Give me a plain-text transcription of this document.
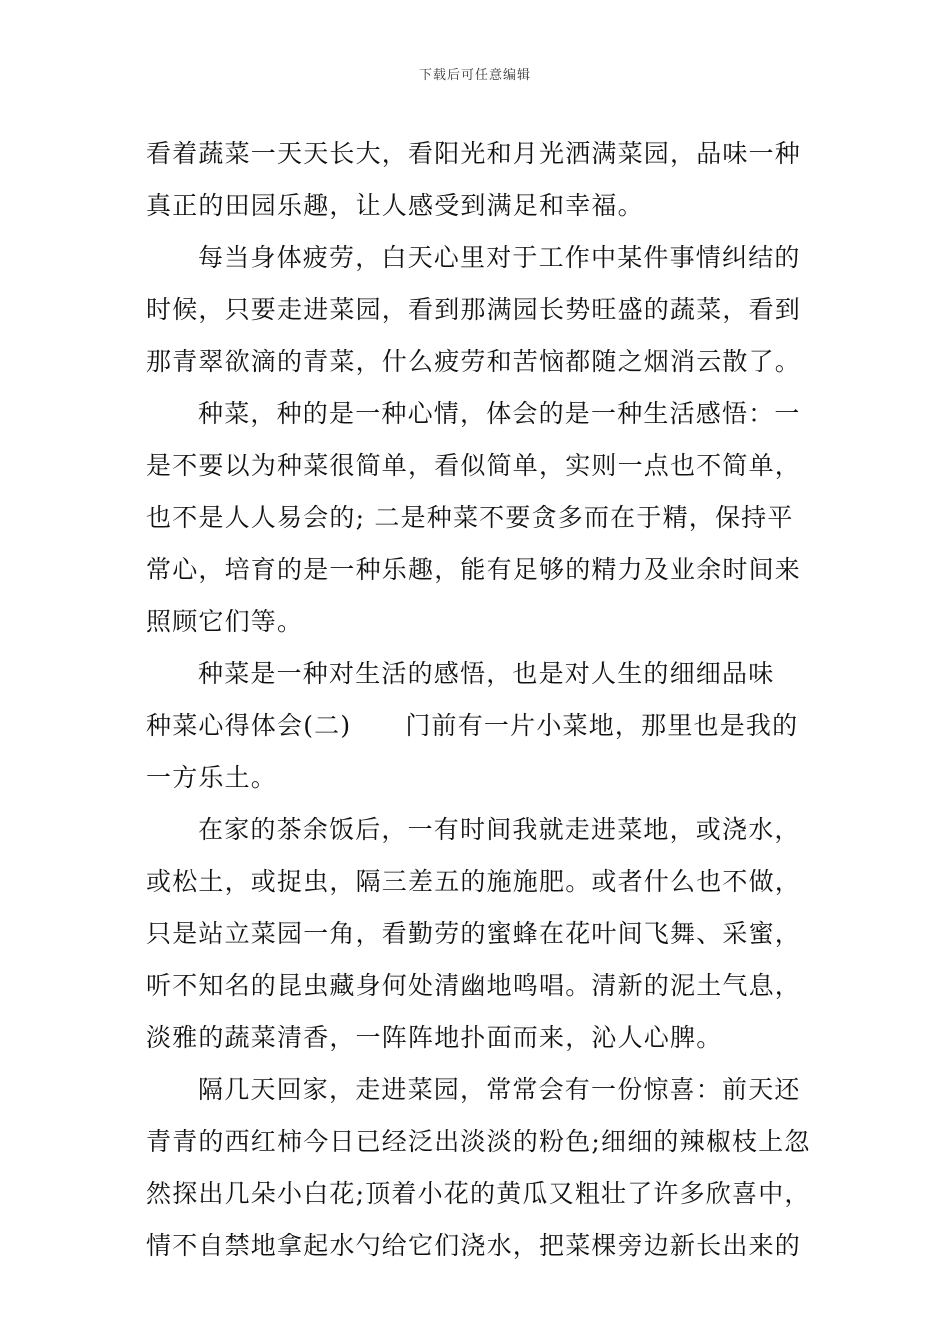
下载后可任意编辑
看着蔬菜一天天长大，看阳光和月光洒满菜园，品味一种
真正的田园乐趣，让人感受到满足和幸福。
每当身体疲劳，白天心里对于工作中某件事情纠结的
时候，只要走进菜园，看到那满园长势旺盛的蔬菜，看到
那青翠欲滴的青菜，什么疲劳和苦恼都随之烟消云散了。
种菜，种的是一种心情，体会的是一种生活感悟：一
是不要以为种菜很简单，看似简单，实则一点也不简单，
也不是人人易会的; 二是种菜不要贪多而在于精，保持平
常心，培育的是一种乐趣，能有足够的精力及业余时间来
照顾它们等。
种菜是一种对生活的感悟，也是对人生的细细品味
种菜心得体会(二) 门前有一片小菜地，那里也是我的
一方乐土。
在家的茶余饭后，一有时间我就走进菜地，或浇水，
或松土，或捉虫，隔三差五的施施肥。或者什么也不做，
只是站立菜园一角，看勤劳的蜜蜂在花叶间飞舞、采蜜，
听不知名的昆虫藏身何处清幽地鸣唱。清新的泥土气息，
淡雅的蔬菜清香，一阵阵地扑面而来，沁人心脾。
隔几天回家，走进菜园，常常会有一份惊喜：前天还
青青的西红柿今日已经泛出淡淡的粉色;细细的辣椒枝上忽
然探出几朵小白花;顶着小花的黄瓜又粗壮了许多欣喜中，
情不自禁地拿起水勺给它们浇水，把菜棵旁边新长出来的
